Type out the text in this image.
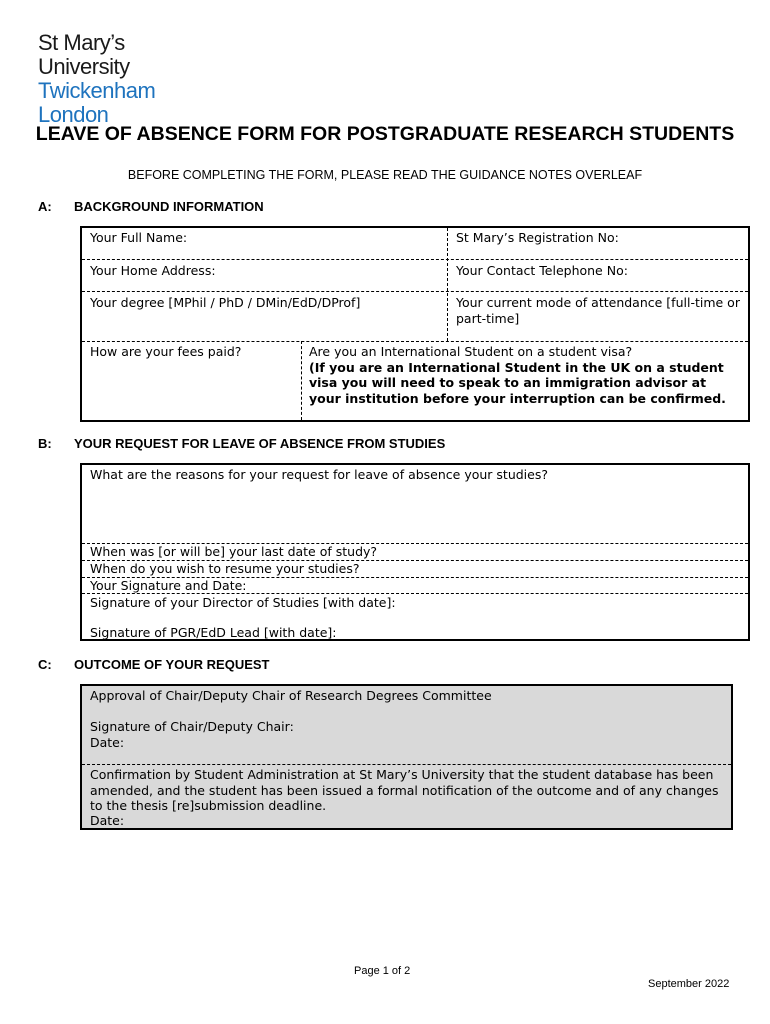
St Mary’s
University
Twickenham
London
LEAVE OF ABSENCE FORM FOR POSTGRADUATE RESEARCH STUDENTS
BEFORE COMPLETING THE FORM, PLEASE READ THE GUIDANCE NOTES OVERLEAF
A: BACKGROUND INFORMATION
Your Full Name:	St Mary’s Registration No:
Your Home Address:	Your Contact Telephone No:
Your degree [MPhil / PhD / DMin/EdD/DProf]	Your current mode of attendance [full-time or part-time]
How are your fees paid?	Are you an International Student on a student visa?
(If you are an International Student in the UK on a student visa you will need to speak to an immigration advisor at your institution before your interruption can be confirmed.
B: YOUR REQUEST FOR LEAVE OF ABSENCE FROM STUDIES
What are the reasons for your request for leave of absence your studies?
When was [or will be] your last date of study?
When do you wish to resume your studies?
Your Signature and Date:
Signature of your Director of Studies [with date]:
Signature of PGR/EdD Lead [with date]:
C: OUTCOME OF YOUR REQUEST
Approval of Chair/Deputy Chair of Research Degrees Committee
Signature of Chair/Deputy Chair:
Date:
Confirmation by Student Administration at St Mary’s University that the student database has been amended, and the student has been issued a formal notification of the outcome and of any changes to the thesis [re]submission deadline.
Date:
Page 1 of 2
September 2022
